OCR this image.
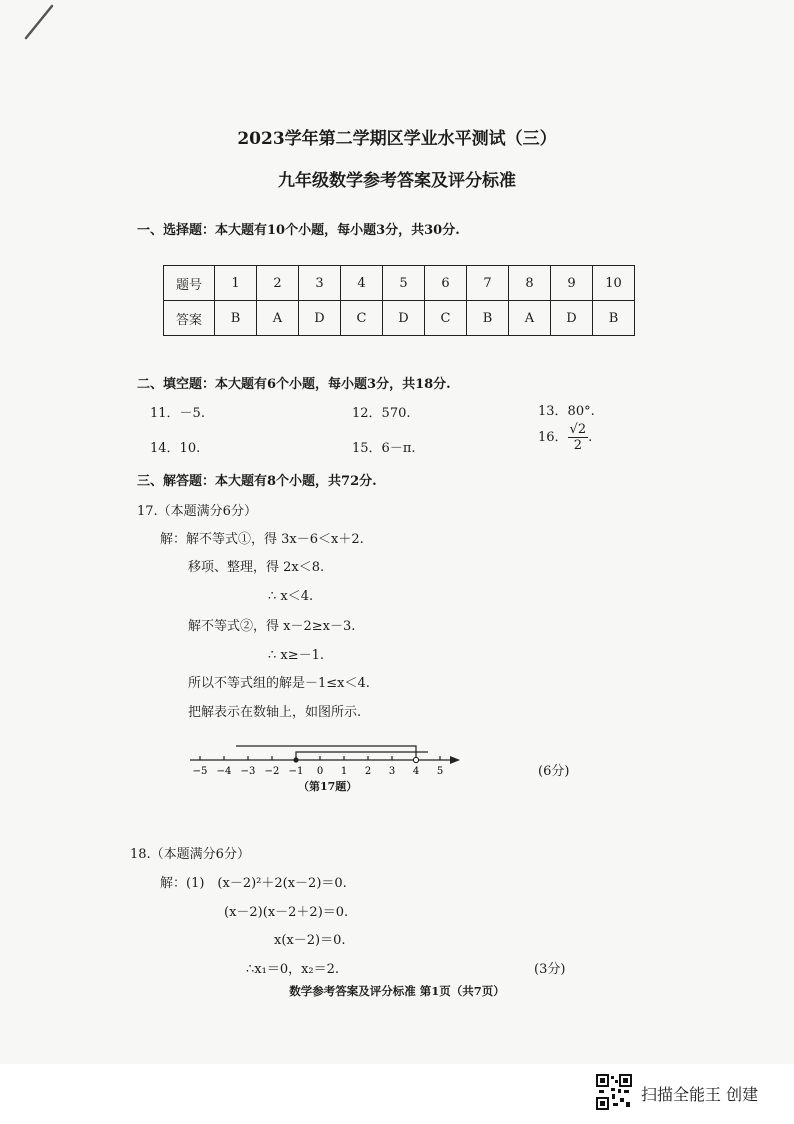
2023学年第二学期区学业水平测试（三）
九年级数学参考答案及评分标准
一、选择题：本大题有10个小题，每小题3分，共30分.
题号	1	2	3	4	5	6	7	8	9	10
答案	B	A	D	C	D	C	B	A	D	B
二、填空题：本大题有6个小题，每小题3分，共18分.
11．－5.	12．570.	13．80°.
14．10.	15．6－π.
16． $\frac{√2}{2}$ .
三、解答题：本大题有8个小题，共72分.
17.（本题满分6分）
解：解不等式①，得 3x－6＜x＋2.
移项、整理，得 2x＜8.
∴ x＜4.
解不等式②，得 x－2≥x－3.
∴ x≥－1.
所以不等式组的解是－1≤x＜4.
把解表示在数轴上，如图所示.
−5 −4 −3 −2 −1 0 1 2 3 4 5
（第17题）
(6分)
18.（本题满分6分）
解：(1)　(x－2)²＋2(x－2)＝0.
(x－2)(x－2＋2)＝0.
x(x－2)＝0.
∴x₁＝0，x₂＝2.	(3分)
数学参考答案及评分标准 第1页（共7页）
扫描全能王 创建
